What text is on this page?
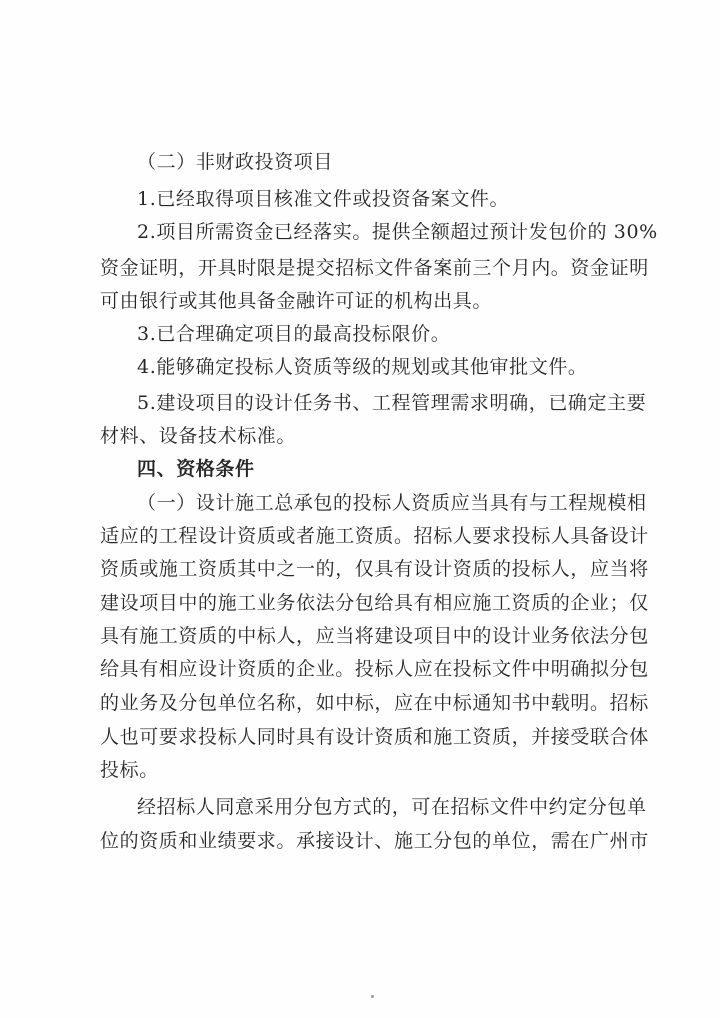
（二）非财政投资项目
1.已经取得项目核准文件或投资备案文件。
2.项目所需资金已经落实。提供全额超过预计发包价的 30%
资金证明，开具时限是提交招标文件备案前三个月内。资金证明
可由银行或其他具备金融许可证的机构出具。
3.已合理确定项目的最高投标限价。
4.能够确定投标人资质等级的规划或其他审批文件。
5.建设项目的设计任务书、工程管理需求明确，已确定主要
材料、设备技术标准。
四、资格条件
（一）设计施工总承包的投标人资质应当具有与工程规模相
适应的工程设计资质或者施工资质。招标人要求投标人具备设计
资质或施工资质其中之一的，仅具有设计资质的投标人，应当将
建设项目中的施工业务依法分包给具有相应施工资质的企业；仅
具有施工资质的中标人，应当将建设项目中的设计业务依法分包
给具有相应设计资质的企业。投标人应在投标文件中明确拟分包
的业务及分包单位名称，如中标，应在中标通知书中载明。招标
人也可要求投标人同时具有设计资质和施工资质，并接受联合体
投标。
经招标人同意采用分包方式的，可在招标文件中约定分包单
位的资质和业绩要求。承接设计、施工分包的单位，需在广州市
